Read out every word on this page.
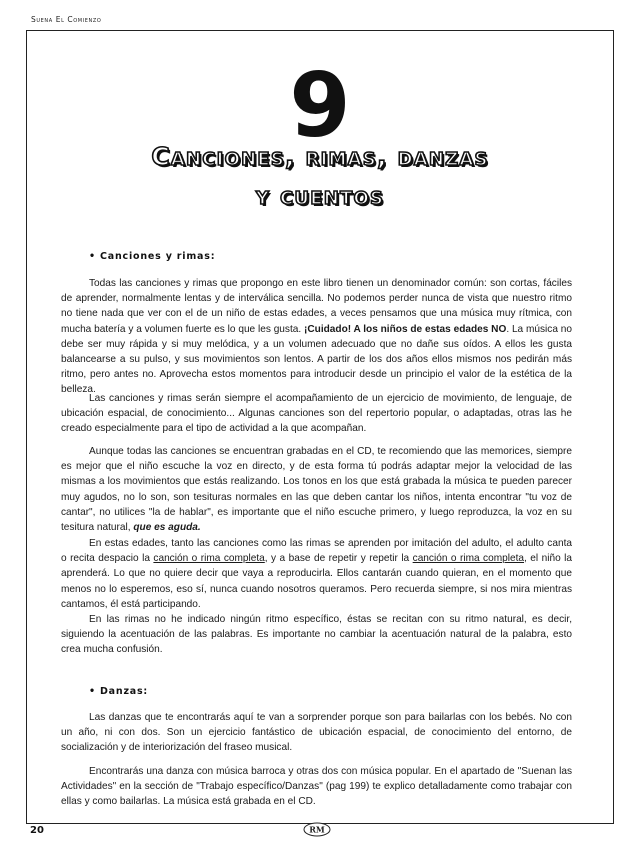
Suena El Comienzo
9
Canciones, rimas, danzas
y cuentos
• Canciones y rimas:

Todas las canciones y rimas que propongo en este libro tienen un denominador común: son cortas, fáciles de aprender, normalmente lentas y de interválica sencilla. No podemos perder nunca de vista que nuestro ritmo no tiene nada que ver con el de un niño de estas edades, a veces pensamos que una música muy rítmica, con mucha batería y a volumen fuerte es lo que les gusta. ¡Cuidado! A los niños de estas edades NO. La música no debe ser muy rápida y si muy melódica, y a un volumen adecuado que no dañe sus oídos. A ellos les gusta balancearse a su pulso, y sus movimientos son lentos. A partir de los dos años ellos mismos nos pedirán más ritmo, pero antes no. Aprovecha estos momentos para introducir desde un principio el valor de la estética de la belleza.

Las canciones y rimas serán siempre el acompañamiento de un ejercicio de movimiento, de lenguaje, de ubicación espacial, de conocimiento... Algunas canciones son del repertorio popular, o adaptadas, otras las he creado especialmente para el tipo de actividad a la que acompañan.

Aunque todas las canciones se encuentran grabadas en el CD, te recomiendo que las memorices, siempre es mejor que el niño escuche la voz en directo, y de esta forma tú podrás adaptar mejor la velocidad de las mismas a los movimientos que estás realizando. Los tonos en los que está grabada la música te pueden parecer muy agudos, no lo son, son tesituras normales en las que deben cantar los niños, intenta encontrar "tu voz de cantar", no utilices "la de hablar", es importante que el niño escuche primero, y luego reproduzca, la voz en su tesitura natural, que es aguda.

En estas edades, tanto las canciones como las rimas se aprenden por imitación del adulto, el adulto canta o recita despacio la canción o rima completa, y a base de repetir y repetir la canción o rima completa, el niño la aprenderá. Lo que no quiere decir que vaya a reproducirla. Ellos cantarán cuando quieran, en el momento que menos no lo esperemos, eso sí, nunca cuando nosotros queramos. Pero recuerda siempre, si nos mira mientras cantamos, él está participando.

En las rimas no he indicado ningún ritmo específico, éstas se recitan con su ritmo natural, es decir, siguiendo la acentuación de las palabras. Es importante no cambiar la acentuación natural de la palabra, esto crea mucha confusión.

• Danzas:

Las danzas que te encontrarás aquí te van a sorprender porque son para bailarlas con los bebés. No con un año, ni con dos. Son un ejercicio fantástico de ubicación espacial, de conocimiento del entorno, de socialización y de interiorización del fraseo musical.

Encontrarás una danza con música barroca y otras dos con música popular. En el apartado de "Suenan las Actividades" en la sección de "Trabajo específico/Danzas" (pag 199) te explico detalladamente como trabajar con ellas y como bailarlas. La música está grabada en el CD.

20	RM
